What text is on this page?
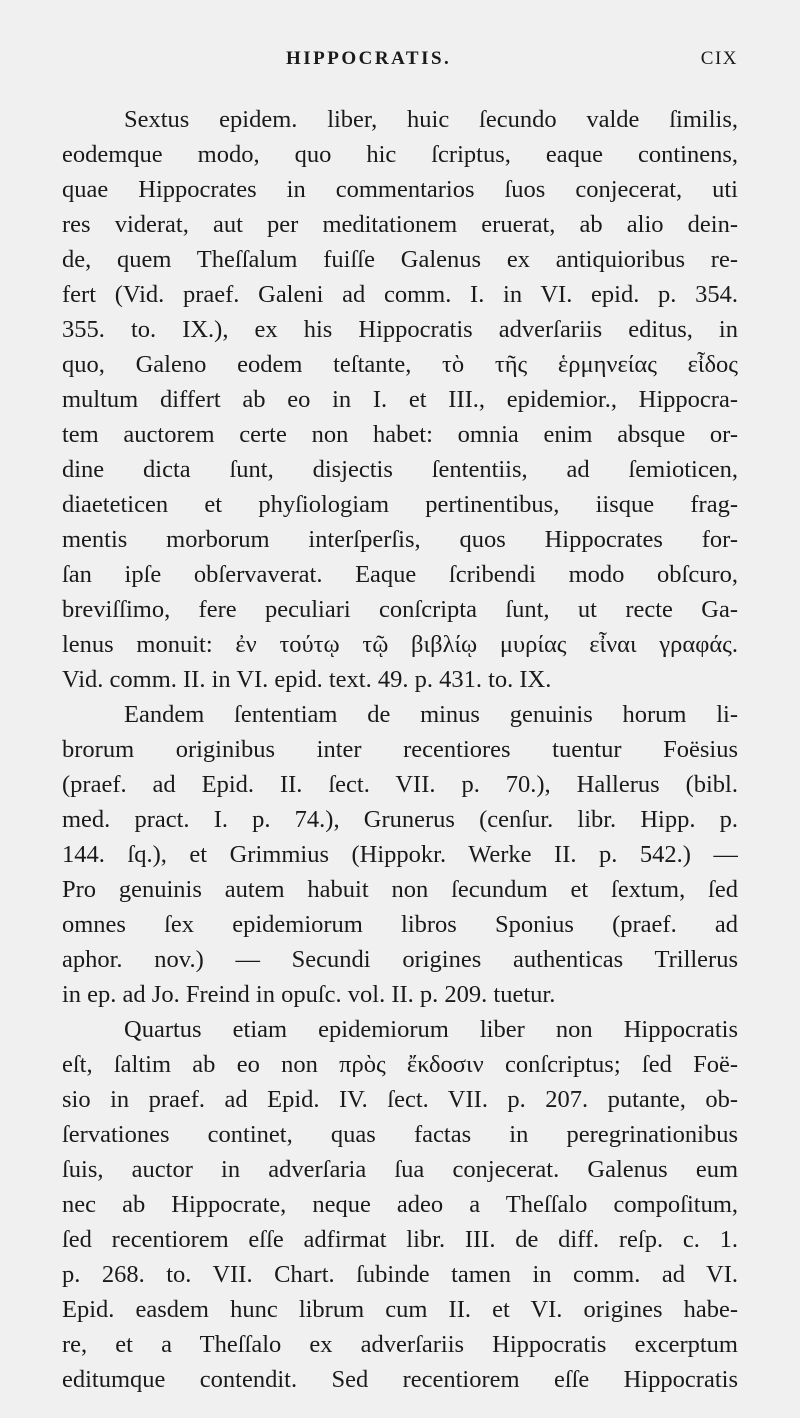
HIPPOCRATIS.	CIX
Sextus epidem. liber, huic ſecundo valde ſimilis,
eodemque modo, quo hic ſcriptus, eaque continens,
quae Hippocrates in commentarios ſuos conjecerat, uti
res viderat, aut per meditationem eruerat, ab alio dein-
de, quem Theſſalum fuiſſe Galenus ex antiquioribus re-
fert (Vid. praef. Galeni ad comm. I. in VI. epid. p. 354.
355. to. IX.), ex his Hippocratis adverſariis editus, in
quo, Galeno eodem teſtante, τὸ τῆς ἑρμηνείας εἶδος
multum differt ab eo in I. et III., epidemior., Hippocra-
tem auctorem certe non habet: omnia enim absque or-
dine dicta ſunt, disjectis ſententiis, ad ſemioticen,
diaeteticen et phyſiologiam pertinentibus, iisque frag-
mentis morborum interſperſis, quos Hippocrates for-
ſan ipſe obſervaverat. Eaque ſcribendi modo obſcuro,
breviſſimo, fere peculiari conſcripta ſunt, ut recte Ga-
lenus monuit: ἐν τούτῳ τῷ βιβλίῳ μυρίας εἶναι γραφάς.
Vid. comm. II. in VI. epid. text. 49. p. 431. to. IX.
Eandem ſententiam de minus genuinis horum li-
brorum originibus inter recentiores tuentur Foësius
(praef. ad Epid. II. ſect. VII. p. 70.), Hallerus (bibl.
med. pract. I. p. 74.), Grunerus (cenſur. libr. Hipp. p.
144. ſq.), et Grimmius (Hippokr. Werke II. p. 542.) —
Pro genuinis autem habuit non ſecundum et ſextum, ſed
omnes ſex epidemiorum libros Sponius (praef. ad
aphor. nov.) — Secundi origines authenticas Trillerus
in ep. ad Jo. Freind in opuſc. vol. II. p. 209. tuetur.
Quartus etiam epidemiorum liber non Hippocratis
eſt, ſaltim ab eo non πρὸς ἔκδοσιν conſcriptus; ſed Foë-
sio in praef. ad Epid. IV. ſect. VII. p. 207. putante, ob-
ſervationes continet, quas factas in peregrinationibus
ſuis, auctor in adverſaria ſua conjecerat. Galenus eum
nec ab Hippocrate, neque adeo a Theſſalo compoſitum,
ſed recentiorem eſſe adfirmat libr. III. de diff. reſp. c. 1.
p. 268. to. VII. Chart. ſubinde tamen in comm. ad VI.
Epid. easdem hunc librum cum II. et VI. origines habe-
re, et a Theſſalo ex adverſariis Hippocratis excerptum
editumque contendit. Sed recentiorem eſſe Hippocratis
